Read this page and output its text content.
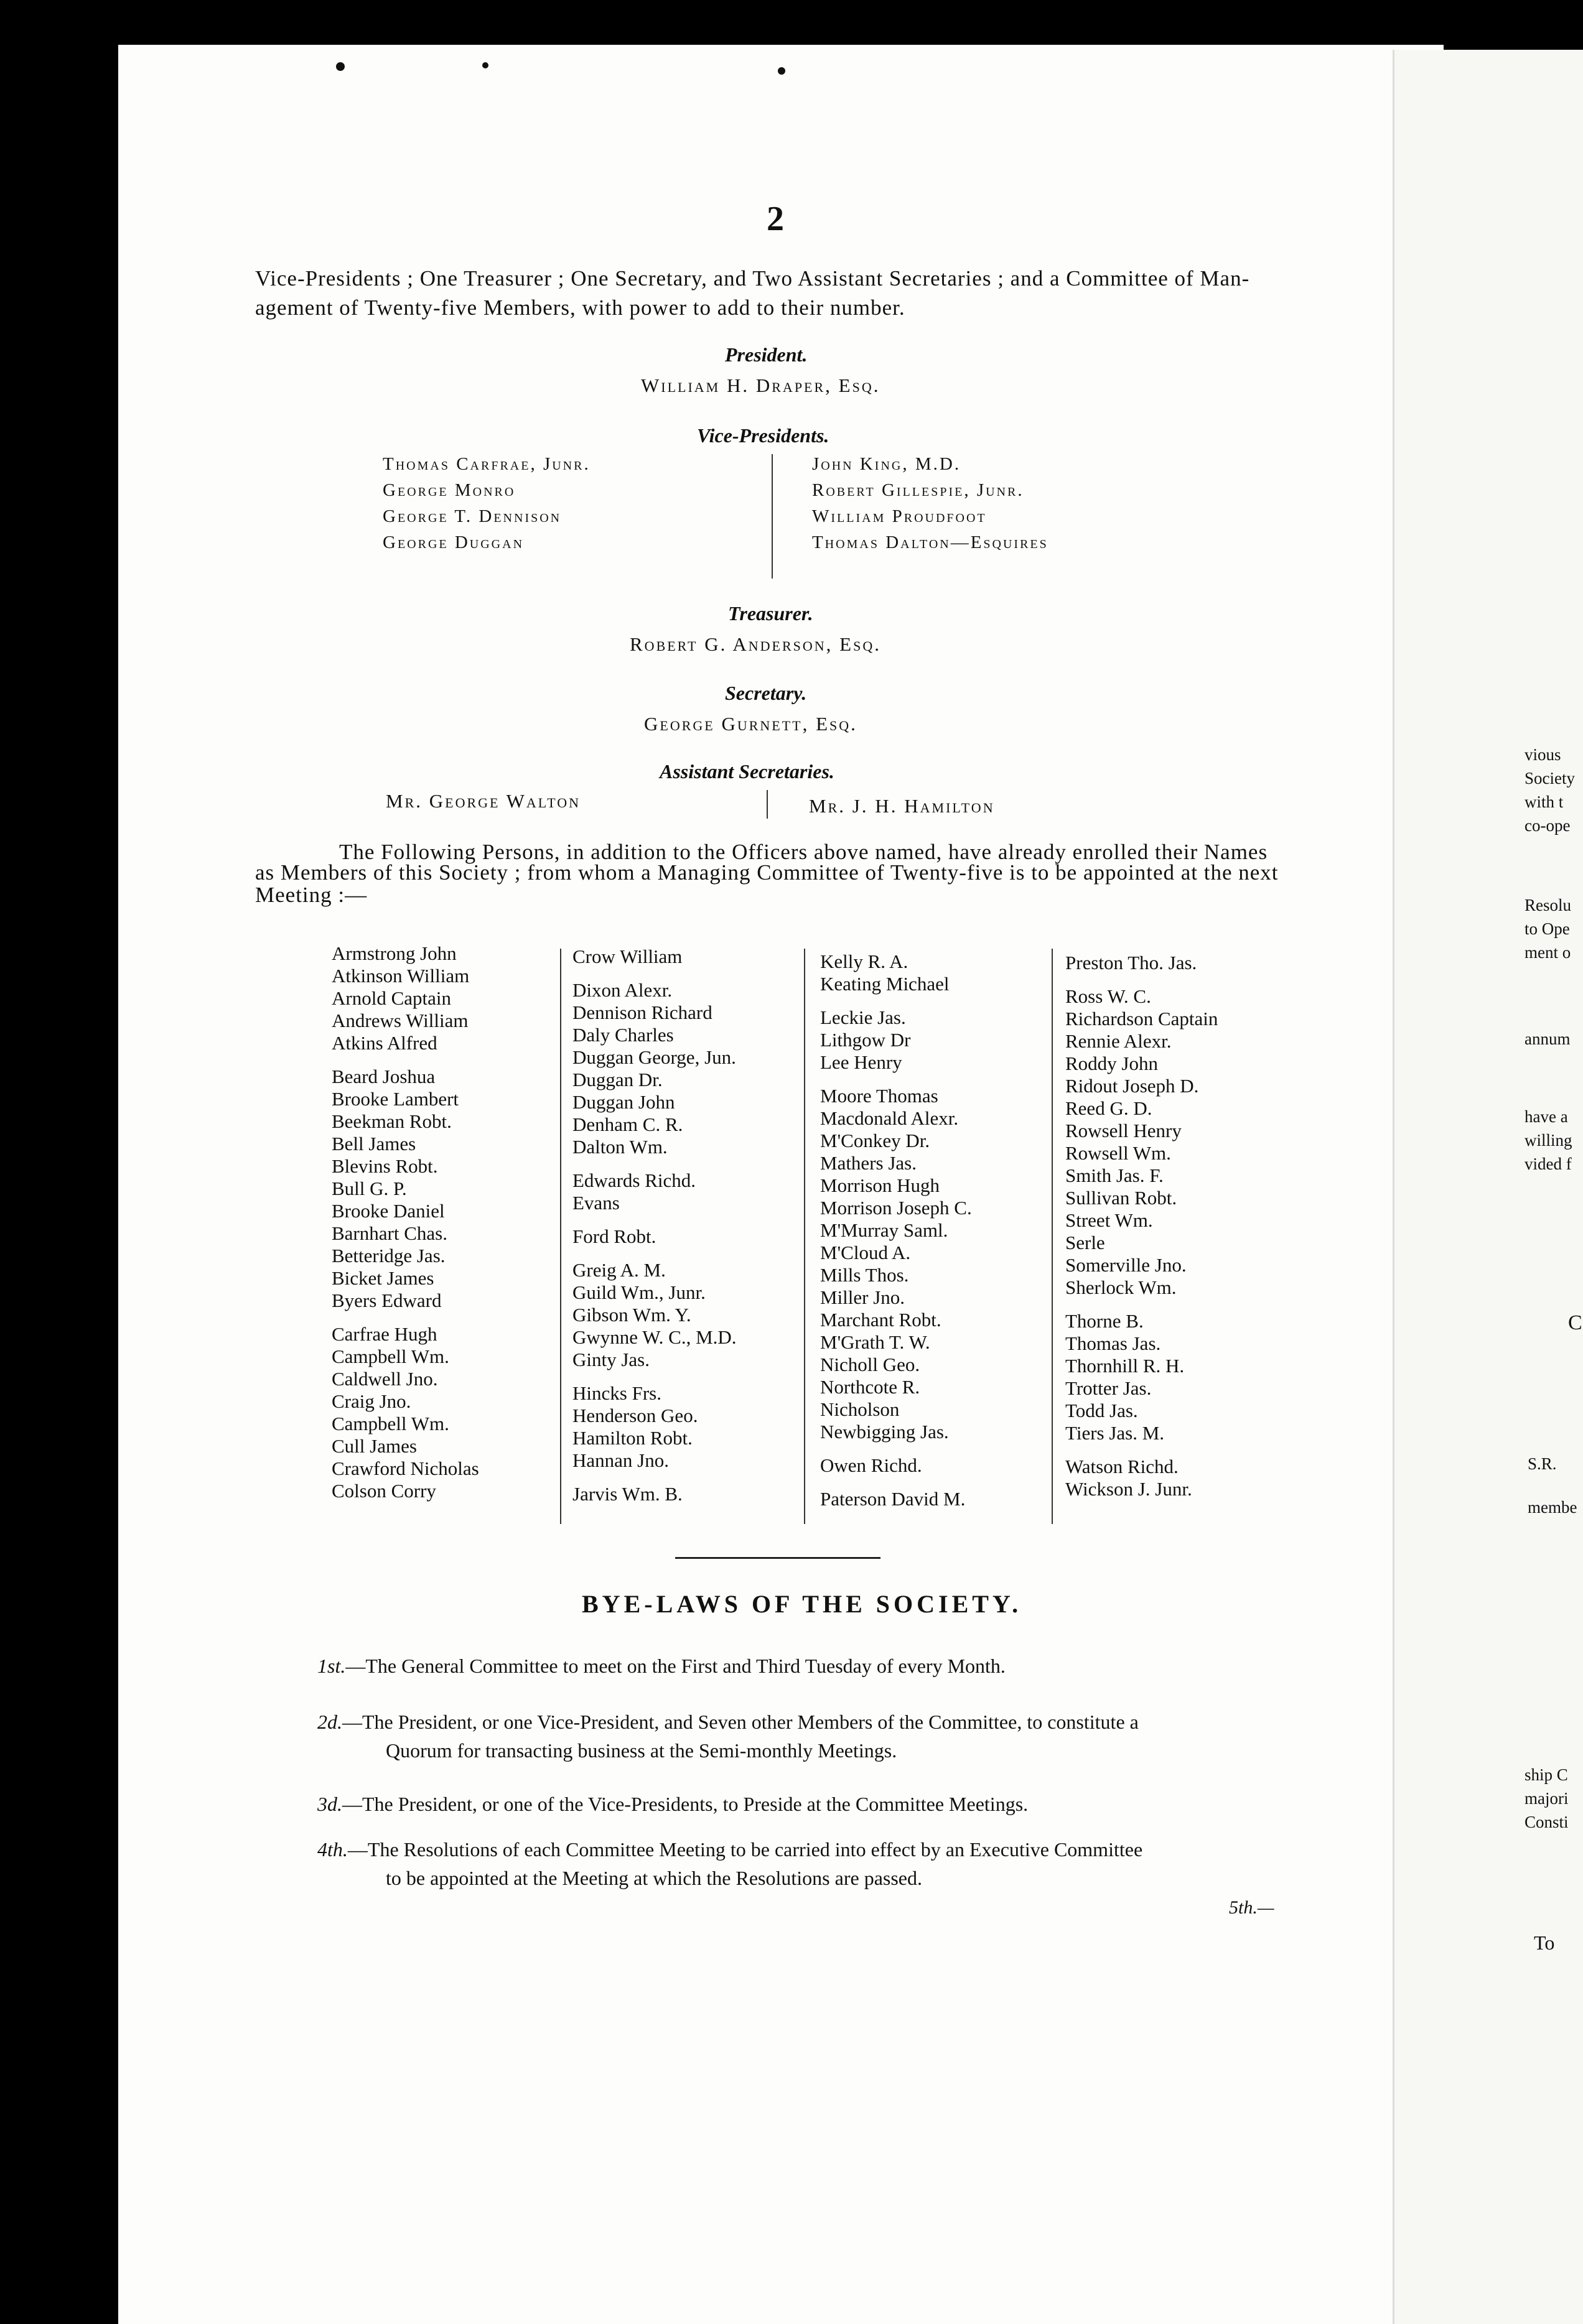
2
Vice-Presidents ; One Treasurer ; One Secretary, and Two Assistant Secretaries ; and a Committee of Man-
agement of Twenty-five Members, with power to add to their number.
President.
William H. Draper, Esq.
Vice-Presidents.
Thomas Carfrae, Junr.
George Monro
George T. Dennison
George Duggan
John King, M.D.
Robert Gillespie, Junr.
William Proudfoot
Thomas Dalton—Esquires
Treasurer.
Robert G. Anderson, Esq.
Secretary.
George Gurnett, Esq.
Assistant Secretaries.
Mr. George Walton	Mr. J. H. Hamilton
The Following Persons, in addition to the Officers above named, have already enrolled their Names
as Members of this Society ; from whom a Managing Committee of Twenty-five is to be appointed at the next
Meeting :—
Armstrong John
Atkinson William
Arnold Captain
Andrews William
Atkins Alfred
Beard Joshua
Brooke Lambert
Beekman Robt.
Bell James
Blevins Robt.
Bull G. P.
Brooke Daniel
Barnhart Chas.
Betteridge Jas.
Bicket James
Byers Edward
Carfrae Hugh
Campbell Wm.
Caldwell Jno.
Craig Jno.
Campbell Wm.
Cull James
Crawford Nicholas
Colson Corry
Crow William
Dixon Alexr.
Dennison Richard
Daly Charles
Duggan George, Jun.
Duggan Dr.
Duggan John
Denham C. R.
Dalton Wm.
Edwards Richd.
Evans
Ford Robt.
Greig A. M.
Guild Wm., Junr.
Gibson Wm. Y.
Gwynne W. C., M.D.
Ginty Jas.
Hincks Frs.
Henderson Geo.
Hamilton Robt.
Hannan Jno.
Jarvis Wm. B.
Kelly R. A.
Keating Michael
Leckie Jas.
Lithgow Dr
Lee Henry
Moore Thomas
Macdonald Alexr.
M'Conkey Dr.
Mathers Jas.
Morrison Hugh
Morrison Joseph C.
M'Murray Saml.
M'Cloud A.
Mills Thos.
Miller Jno.
Marchant Robt.
M'Grath T. W.
Nicholl Geo.
Northcote R.
Nicholson
Newbigging Jas.
Owen Richd.
Paterson David M.
Preston Tho. Jas.
Ross W. C.
Richardson Captain
Rennie Alexr.
Roddy John
Ridout Joseph D.
Reed G. D.
Rowsell Henry
Rowsell Wm.
Smith Jas. F.
Sullivan Robt.
Street Wm.
Serle
Somerville Jno.
Sherlock Wm.
Thorne B.
Thomas Jas.
Thornhill R. H.
Trotter Jas.
Todd Jas.
Tiers Jas. M.
Watson Richd.
Wickson J. Junr.
BYE-LAWS OF THE SOCIETY.
1st.—The General Committee to meet on the First and Third Tuesday of every Month.
2d.—The President, or one Vice-President, and Seven other Members of the Committee, to constitute a
Quorum for transacting business at the Semi-monthly Meetings.
3d.—The President, or one of the Vice-Presidents, to Preside at the Committee Meetings.
4th.—The Resolutions of each Committee Meeting to be carried into effect by an Executive Committee
to be appointed at the Meeting at which the Resolutions are passed.
5th.—
vious
Society
with t
co-ope
Resolu
to Ope
ment o
annum
have a
willing
vided f
C
S.R.
membe
ship C
majori
Consti
To
